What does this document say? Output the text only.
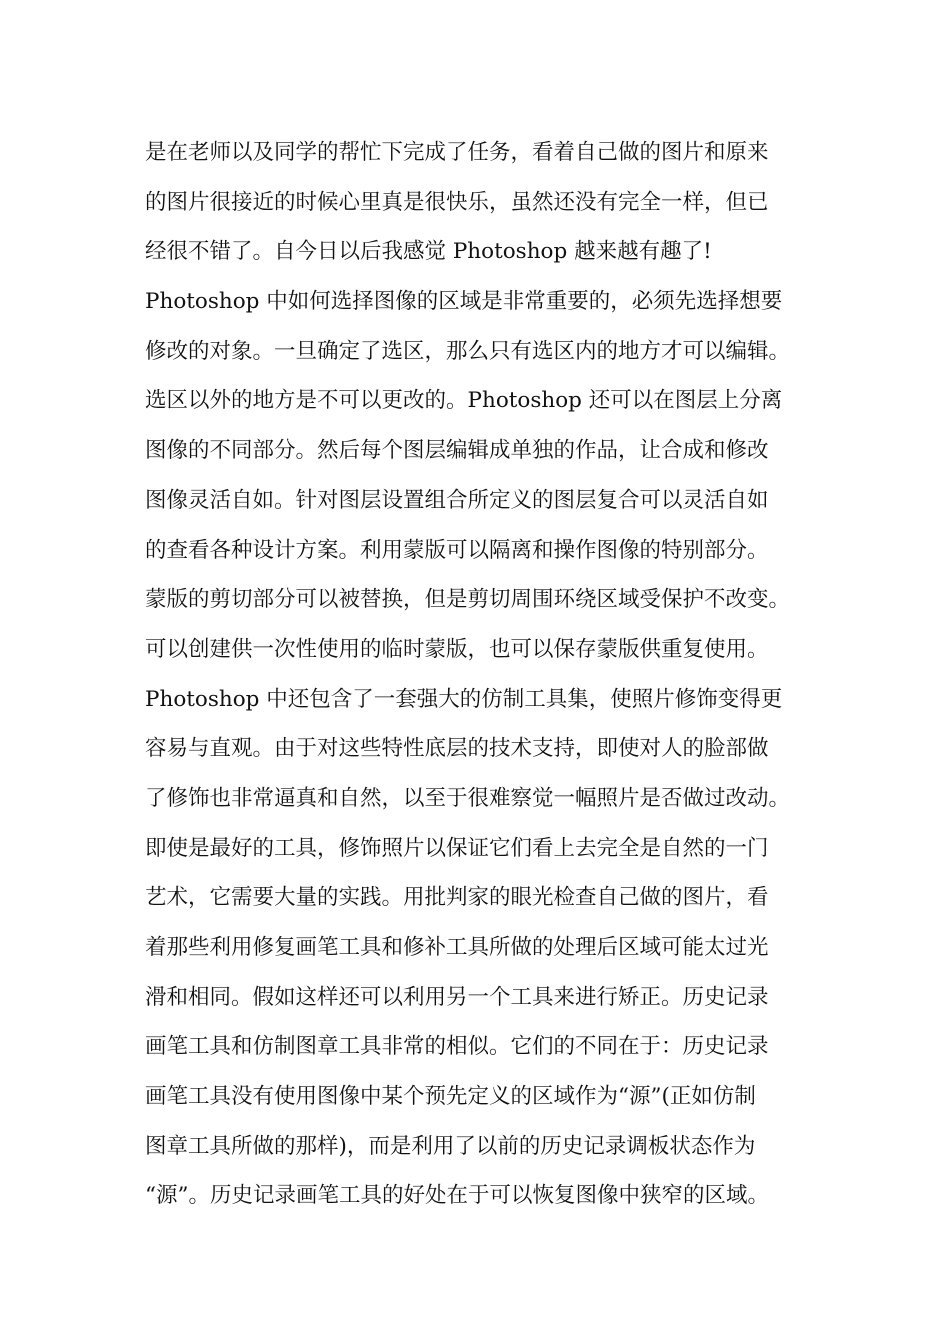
是在老师以及同学的帮忙下完成了任务，看着自己做的图片和原来
的图片很接近的时候心里真是很快乐，虽然还没有完全一样，但已
经很不错了。自今日以后我感觉 Photoshop 越来越有趣了!
Photoshop 中如何选择图像的区域是非常重要的，必须先选择想要
修改的对象。一旦确定了选区，那么只有选区内的地方才可以编辑。
选区以外的地方是不可以更改的。Photoshop 还可以在图层上分离
图像的不同部分。然后每个图层编辑成单独的作品，让合成和修改
图像灵活自如。针对图层设置组合所定义的图层复合可以灵活自如
的查看各种设计方案。利用蒙版可以隔离和操作图像的特别部分。
蒙版的剪切部分可以被替换，但是剪切周围环绕区域受保护不改变。
可以创建供一次性使用的临时蒙版，也可以保存蒙版供重复使用。
Photoshop 中还包含了一套强大的仿制工具集，使照片修饰变得更
容易与直观。由于对这些特性底层的技术支持，即使对人的脸部做
了修饰也非常逼真和自然，以至于很难察觉一幅照片是否做过改动。
即使是最好的工具，修饰照片以保证它们看上去完全是自然的一门
艺术，它需要大量的实践。用批判家的眼光检查自己做的图片，看
着那些利用修复画笔工具和修补工具所做的处理后区域可能太过光
滑和相同。假如这样还可以利用另一个工具来进行矫正。历史记录
画笔工具和仿制图章工具非常的相似。它们的不同在于：历史记录
画笔工具没有使用图像中某个预先定义的区域作为“源”(正如仿制
图章工具所做的那样)，而是利用了以前的历史记录调板状态作为
“源”。历史记录画笔工具的好处在于可以恢复图像中狭窄的区域。
